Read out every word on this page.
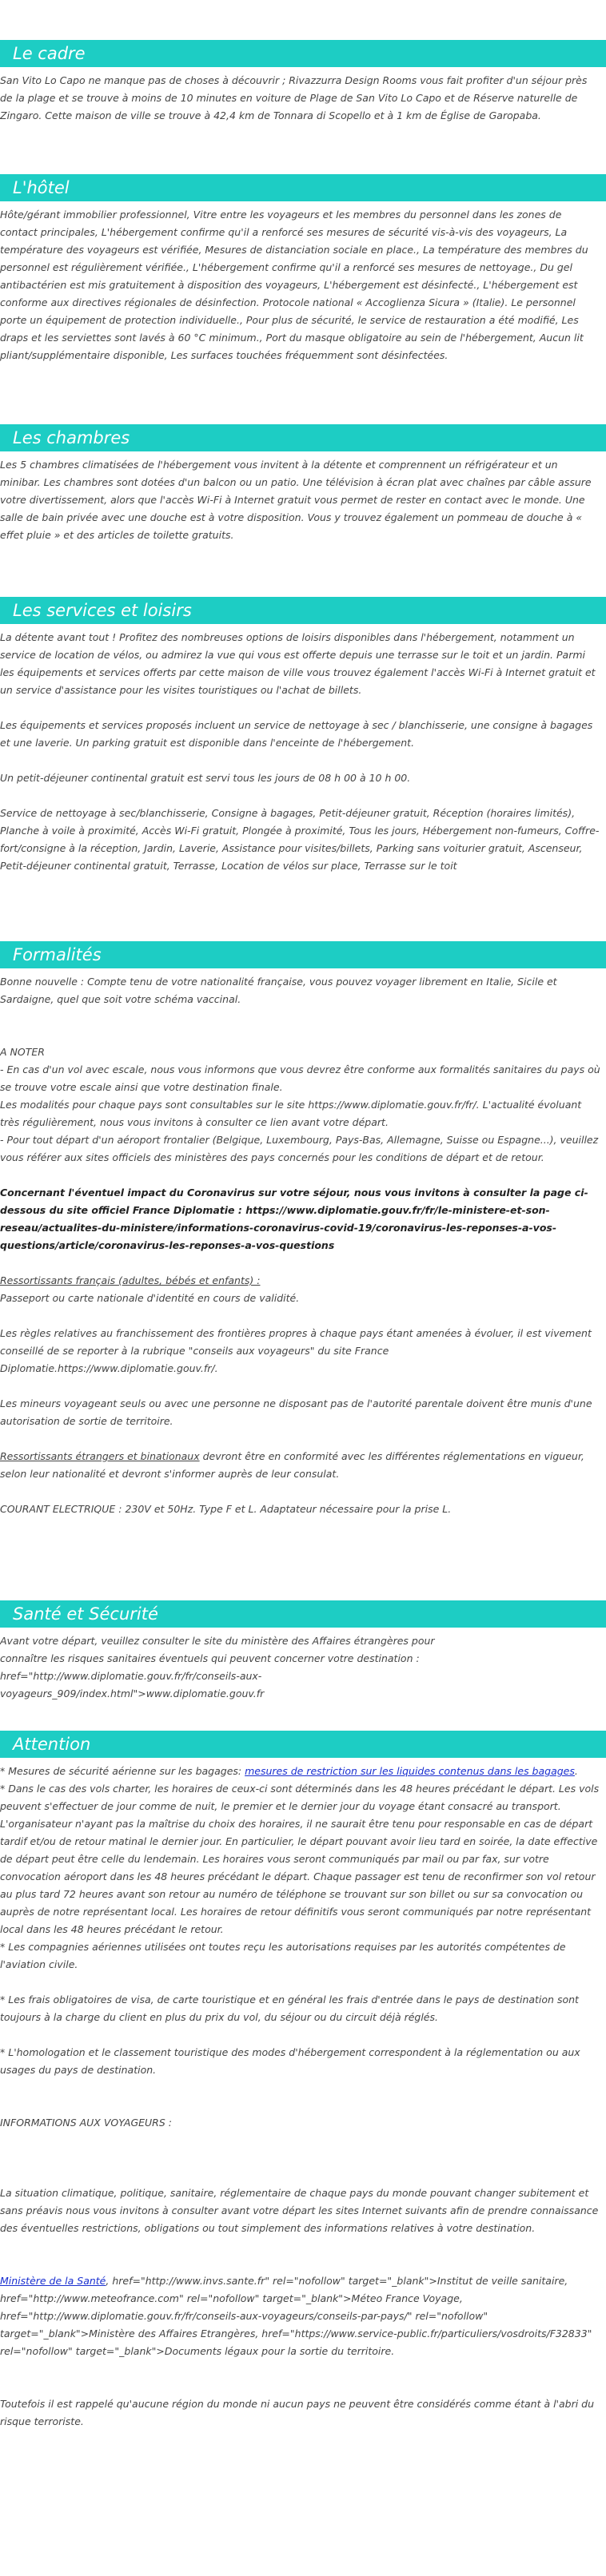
Le cadre

San Vito Lo Capo ne manque pas de choses à découvrir ; Rivazzurra Design Rooms vous fait profiter d'un séjour près de la plage et se trouve à moins de 10 minutes en voiture de Plage de San Vito Lo Capo et de Réserve naturelle de Zingaro. Cette maison de ville se trouve à 42,4 km de Tonnara di Scopello et à 1 km de Église de Garopaba.

L'hôtel

Hôte/gérant immobilier professionnel, Vitre entre les voyageurs et les membres du personnel dans les zones de contact principales, L'hébergement confirme qu'il a renforcé ses mesures de sécurité vis-à-vis des voyageurs, La température des voyageurs est vérifiée, Mesures de distanciation sociale en place., La température des membres du personnel est régulièrement vérifiée., L'hébergement confirme qu'il a renforcé ses mesures de nettoyage., Du gel antibactérien est mis gratuitement à disposition des voyageurs, L'hébergement est désinfecté., L'hébergement est conforme aux directives régionales de désinfection. Protocole national « Accoglienza Sicura » (Italie). Le personnel porte un équipement de protection individuelle., Pour plus de sécurité, le service de restauration a été modifié, Les draps et les serviettes sont lavés à 60 °C minimum., Port du masque obligatoire au sein de l'hébergement, Aucun lit pliant/supplémentaire disponible, Les surfaces touchées fréquemment sont désinfectées.

Les chambres

Les 5 chambres climatisées de l'hébergement vous invitent à la détente et comprennent un réfrigérateur et un minibar. Les chambres sont dotées d'un balcon ou un patio. Une télévision à écran plat avec chaînes par câble assure votre divertissement, alors que l'accès Wi-Fi à Internet gratuit vous permet de rester en contact avec le monde. Une salle de bain privée avec une douche est à votre disposition. Vous y trouvez également un pommeau de douche à « effet pluie » et des articles de toilette gratuits.

Les services et loisirs

La détente avant tout ! Profitez des nombreuses options de loisirs disponibles dans l'hébergement, notamment un service de location de vélos, ou admirez la vue qui vous est offerte depuis une terrasse sur le toit et un jardin. Parmi les équipements et services offerts par cette maison de ville vous trouvez également l'accès Wi-Fi à Internet gratuit et un service d'assistance pour les visites touristiques ou l'achat de billets.

Les équipements et services proposés incluent un service de nettoyage à sec / blanchisserie, une consigne à bagages et une laverie. Un parking gratuit est disponible dans l'enceinte de l'hébergement.

Un petit-déjeuner continental gratuit est servi tous les jours de 08 h 00 à 10 h 00.

Service de nettoyage à sec/blanchisserie, Consigne à bagages, Petit-déjeuner gratuit, Réception (horaires limités), Planche à voile à proximité, Accès Wi-Fi gratuit, Plongée à proximité, Tous les jours, Hébergement non-fumeurs, Coffre-fort/consigne à la réception, Jardin, Laverie, Assistance pour visites/billets, Parking sans voiturier gratuit, Ascenseur, Petit-déjeuner continental gratuit, Terrasse, Location de vélos sur place, Terrasse sur le toit

Formalités

Bonne nouvelle : Compte tenu de votre nationalité française, vous pouvez voyager librement en Italie, Sicile et Sardaigne, quel que soit votre schéma vaccinal.

A NOTER

- En cas d'un vol avec escale, nous vous informons que vous devrez être conforme aux formalités sanitaires du pays où se trouve votre escale ainsi que votre destination finale.

Les modalités pour chaque pays sont consultables sur le site https://www.diplomatie.gouv.fr/fr/. L'actualité évoluant très régulièrement, nous vous invitons à consulter ce lien avant votre départ.

- Pour tout départ d'un aéroport frontalier (Belgique, Luxembourg, Pays-Bas, Allemagne, Suisse ou Espagne...), veuillez vous référer aux sites officiels des ministères des pays concernés pour les conditions de départ et de retour.

Concernant l'éventuel impact du Coronavirus sur votre séjour, nous vous invitons à consulter la page ci-dessous du site officiel France Diplomatie : https://www.diplomatie.gouv.fr/fr/le-ministere-et-son-reseau/actualites-du-ministere/informations-coronavirus-covid-19/coronavirus-les-reponses-a-vos-questions/article/coronavirus-les-reponses-a-vos-questions

Ressortissants français (adultes, bébés et enfants) :

Passeport ou carte nationale d'identité en cours de validité.

Les règles relatives au franchissement des frontières propres à chaque pays étant amenées à évoluer, il est vivement conseillé de se reporter à la rubrique "conseils aux voyageurs" du site France Diplomatie.https://www.diplomatie.gouv.fr/.

Les mineurs voyageant seuls ou avec une personne ne disposant pas de l'autorité parentale doivent être munis d'une autorisation de sortie de territoire.

Ressortissants étrangers et binationaux devront être en conformité avec les différentes réglementations en vigueur, selon leur nationalité et devront s'informer auprès de leur consulat.

COURANT ELECTRIQUE : 230V et 50Hz. Type F et L. Adaptateur nécessaire pour la prise L.

Santé et Sécurité

Avant votre départ, veuillez consulter le site du ministère des Affaires étrangères pour connaître les risques sanitaires éventuels qui peuvent concerner votre destination : href="http://www.diplomatie.gouv.fr/fr/conseils-aux-voyageurs_909/index.html">www.diplomatie.gouv.fr

Attention

* Mesures de sécurité aérienne sur les bagages: mesures de restriction sur les liquides contenus dans les bagages.

* Dans le cas des vols charter, les horaires de ceux-ci sont déterminés dans les 48 heures précédant le départ. Les vols peuvent s'effectuer de jour comme de nuit, le premier et le dernier jour du voyage étant consacré au transport. L'organisateur n'ayant pas la maîtrise du choix des horaires, il ne saurait être tenu pour responsable en cas de départ tardif et/ou de retour matinal le dernier jour. En particulier, le départ pouvant avoir lieu tard en soirée, la date effective de départ peut être celle du lendemain. Les horaires vous seront communiqués par mail ou par fax, sur votre convocation aéroport dans les 48 heures précédant le départ. Chaque passager est tenu de reconfirmer son vol retour au plus tard 72 heures avant son retour au numéro de téléphone se trouvant sur son billet ou sur sa convocation ou auprès de notre représentant local. Les horaires de retour définitifs vous seront communiqués par notre représentant local dans les 48 heures précédant le retour.

* Les compagnies aériennes utilisées ont toutes reçu les autorisations requises par les autorités compétentes de l'aviation civile.

* Les frais obligatoires de visa, de carte touristique et en général les frais d'entrée dans le pays de destination sont toujours à la charge du client en plus du prix du vol, du séjour ou du circuit déjà réglés.

* L'homologation et le classement touristique des modes d'hébergement correspondent à la réglementation ou aux usages du pays de destination.

INFORMATIONS AUX VOYAGEURS :

La situation climatique, politique, sanitaire, réglementaire de chaque pays du monde pouvant changer subitement et sans préavis nous vous invitons à consulter avant votre départ les sites Internet suivants afin de prendre connaissance des éventuelles restrictions, obligations ou tout simplement des informations relatives à votre destination.

Ministère de la Santé, href="http://www.invs.sante.fr" rel="nofollow" target="_blank">Institut de veille sanitaire, href="http://www.meteofrance.com" rel="nofollow" target="_blank">Méteo France Voyage, href="http://www.diplomatie.gouv.fr/fr/conseils-aux-voyageurs/conseils-par-pays/" rel="nofollow" target="_blank">Ministère des Affaires Etrangères, href="https://www.service-public.fr/particuliers/vosdroits/F32833" rel="nofollow" target="_blank">Documents légaux pour la sortie du territoire.

Toutefois il est rappelé qu'aucune région du monde ni aucun pays ne peuvent être considérés comme étant à l'abri du risque terroriste.
